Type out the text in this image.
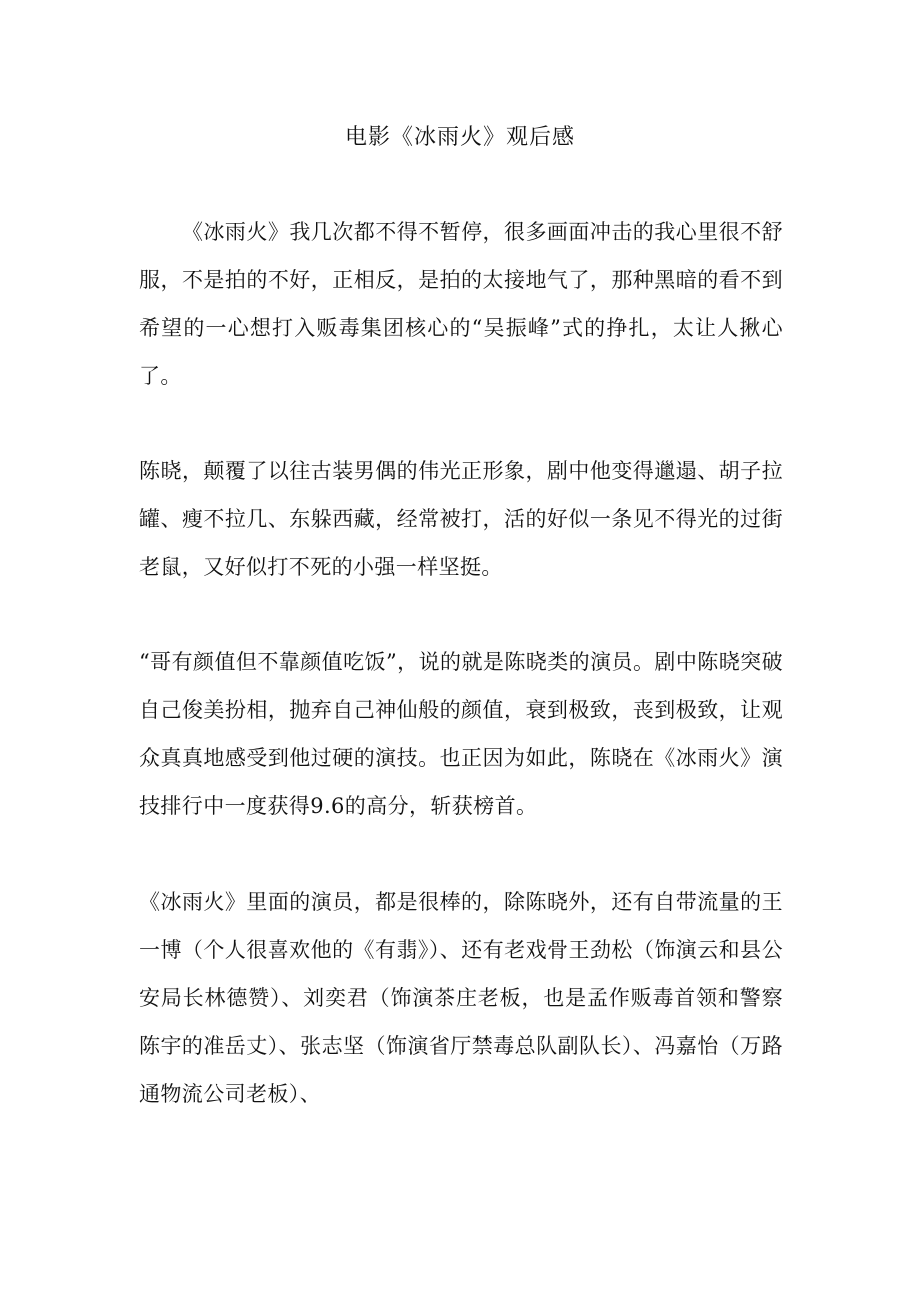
电影《冰雨火》观后感

《冰雨火》我几次都不得不暂停，很多画面冲击的我心里很不舒服，不是拍的不好，正相反，是拍的太接地气了，那种黑暗的看不到希望的一心想打入贩毒集团核心的“吴振峰”式的挣扎，太让人揪心了。

陈晓，颠覆了以往古装男偶的伟光正形象，剧中他变得邋遢、胡子拉罐、瘦不拉几、东躲西藏，经常被打，活的好似一条见不得光的过街老鼠，又好似打不死的小强一样坚挺。

“哥有颜值但不靠颜值吃饭”，说的就是陈晓类的演员。剧中陈晓突破自己俊美扮相，抛弃自己神仙般的颜值，衰到极致，丧到极致，让观众真真地感受到他过硬的演技。也正因为如此，陈晓在《冰雨火》演技排行中一度获得9.6的高分，斩获榜首。

《冰雨火》里面的演员，都是很棒的，除陈晓外，还有自带流量的王一博（个人很喜欢他的《有翡》）、还有老戏骨王劲松（饰演云和县公安局长林德赞）、刘奕君（饰演茶庄老板，也是孟作贩毒首领和警察陈宇的准岳丈）、张志坚（饰演省厅禁毒总队副队长）、冯嘉怡（万路通物流公司老板）、
